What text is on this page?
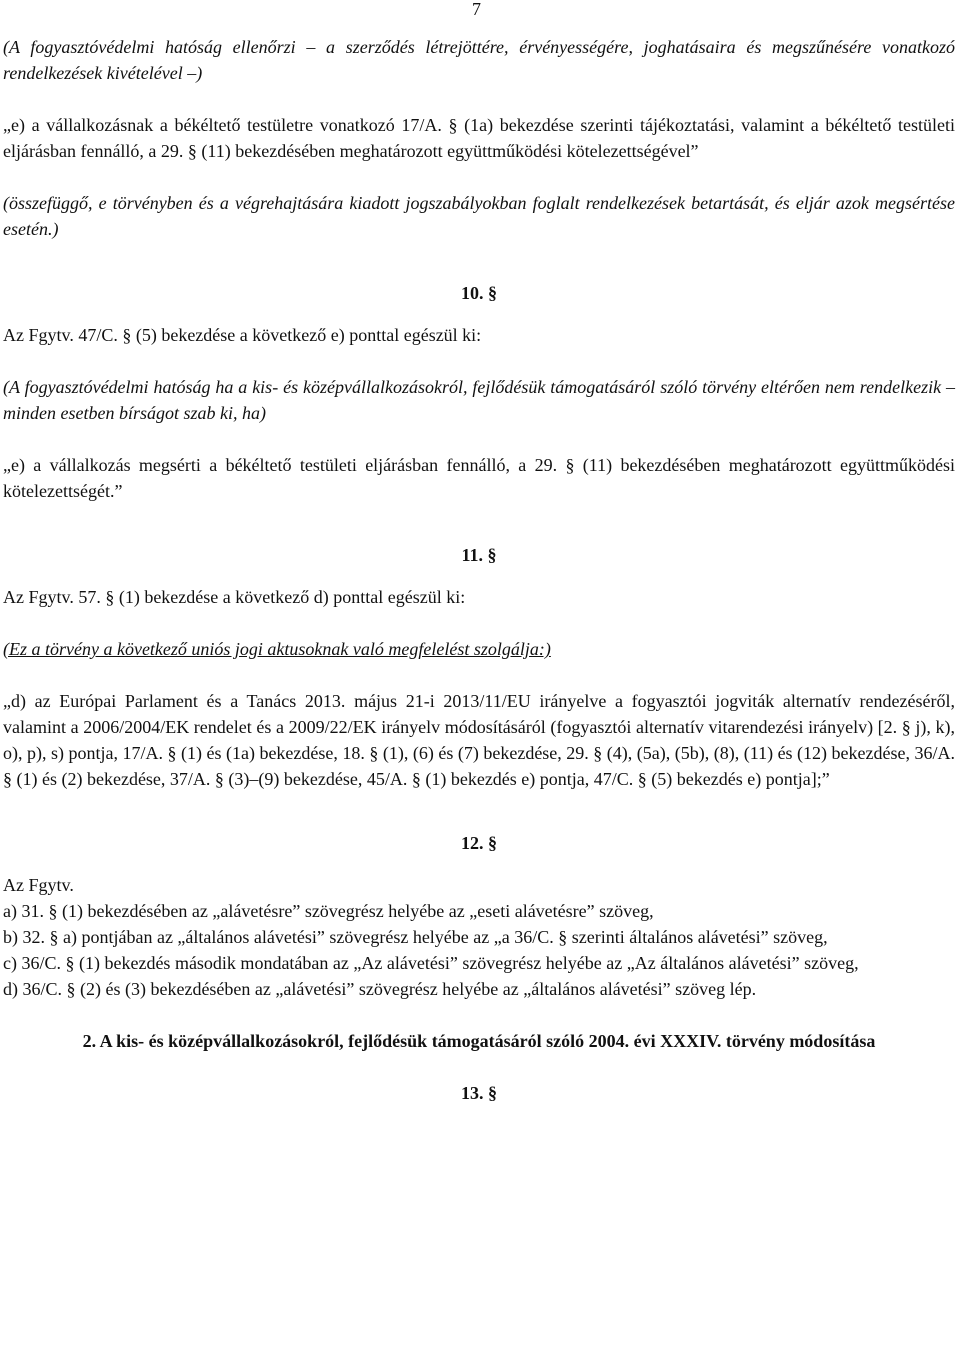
7

(A fogyasztóvédelmi hatóság ellenőrzi – a szerződés létrejöttére, érvényességére, joghatásaira és megszűnésére vonatkozó rendelkezések kivételével –)

„e) a vállalkozásnak a békéltető testületre vonatkozó 17/A. § (1a) bekezdése szerinti tájékoztatási, valamint a békéltető testületi eljárásban fennálló, a 29. § (11) bekezdésében meghatározott együttműködési kötelezettségével”

(összefüggő, e törvényben és a végrehajtására kiadott jogszabályokban foglalt rendelkezések betartását, és eljár azok megsértése esetén.)

10. §

Az Fgytv. 47/C. § (5) bekezdése a következő e) ponttal egészül ki:

(A fogyasztóvédelmi hatóság ha a kis- és középvállalkozásokról, fejlődésük támogatásáról szóló törvény eltérően nem rendelkezik – minden esetben bírságot szab ki, ha)

„e) a vállalkozás megsérti a békéltető testületi eljárásban fennálló, a 29. § (11) bekezdésében meghatározott együttműködési kötelezettségét.”

11. §

Az Fgytv. 57. § (1) bekezdése a következő d) ponttal egészül ki:

(Ez a törvény a következő uniós jogi aktusoknak való megfelelést szolgálja:)

„d) az Európai Parlament és a Tanács 2013. május 21-i 2013/11/EU irányelve a fogyasztói jogviták alternatív rendezéséről, valamint a 2006/2004/EK rendelet és a 2009/22/EK irányelv módosításáról (fogyasztói alternatív vitarendezési irányelv) [2. § j), k), o), p), s) pontja, 17/A. § (1) és (1a) bekezdése, 18. § (1), (6) és (7) bekezdése, 29. § (4), (5a), (5b), (8), (11) és (12) bekezdése, 36/A. § (1) és (2) bekezdése, 37/A. § (3)–(9) bekezdése, 45/A. § (1) bekezdés e) pontja, 47/C. § (5) bekezdés e) pontja];”

12. §

Az Fgytv.

a) 31. § (1) bekezdésében az „alávetésre” szövegrész helyébe az „eseti alávetésre” szöveg,

b) 32. § a) pontjában az „általános alávetési” szövegrész helyébe az „a 36/C. § szerinti általános alávetési” szöveg,

c) 36/C. § (1) bekezdés második mondatában az „Az alávetési” szövegrész helyébe az „Az általános alávetési” szöveg,

d) 36/C. § (2) és (3) bekezdésében az „alávetési” szövegrész helyébe az „általános alávetési” szöveg lép.

2. A kis- és középvállalkozásokról, fejlődésük támogatásáról szóló 2004. évi XXXIV. törvény módosítása
13. §
